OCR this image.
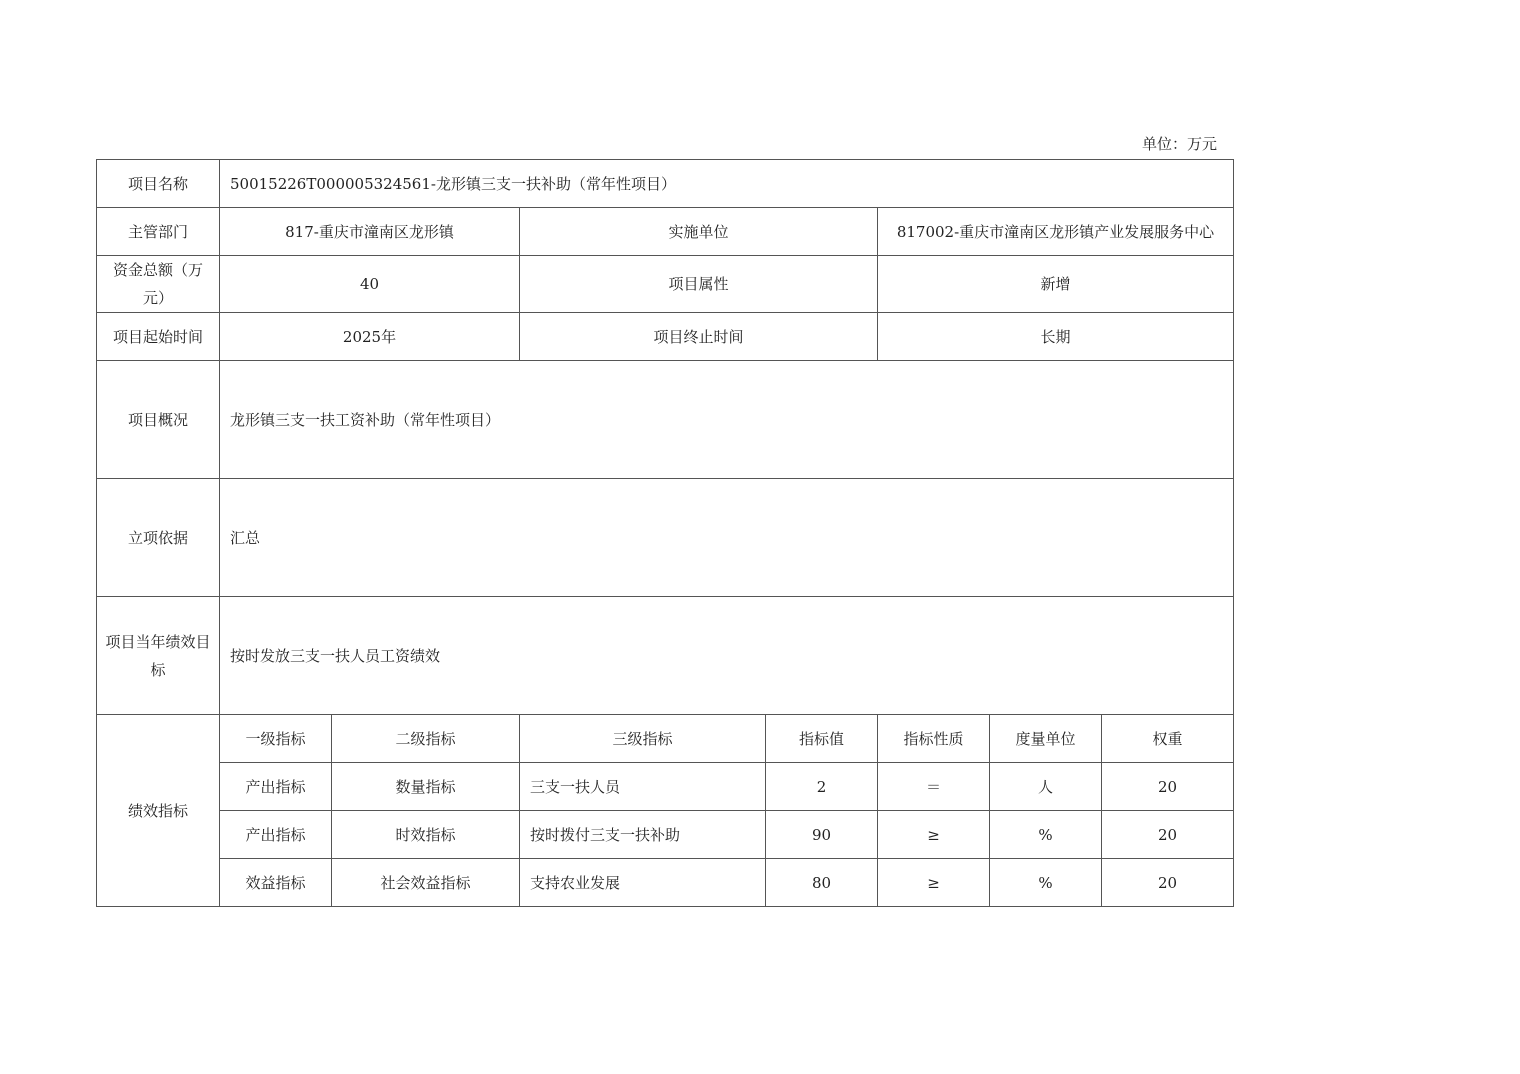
单位：万元
项目名称	50015226T000005324561-龙形镇三支一扶补助（常年性项目）						
主管部门	817-重庆市潼南区龙形镇		实施单位		817002-重庆市潼南区龙形镇产业发展服务中心		
资金总额（万元）	40		项目属性		新增		
项目起始时间	2025年		项目终止时间		长期		
项目概况	龙形镇三支一扶工资补助（常年性项目）						
立项依据	汇总						
项目当年绩效目标	按时发放三支一扶人员工资绩效						
绩效指标	一级指标	二级指标	三级指标	指标值	指标性质	度量单位	权重
	产出指标	数量指标	三支一扶人员	2	＝	人	20
	产出指标	时效指标	按时拨付三支一扶补助	90	≥	%	20
	效益指标	社会效益指标	支持农业发展	80	≥	%	20
